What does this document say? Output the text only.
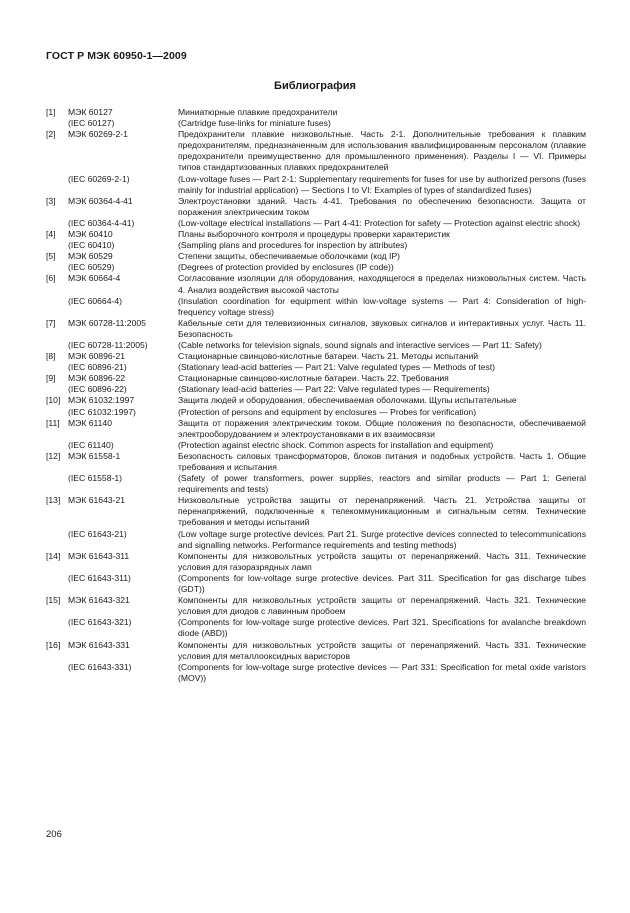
ГОСТ Р МЭК 60950-1—2009
Библиография
[1]	МЭК 60127	Миниатюрные плавкие предохранители
(IEC 60127)	(Cartridge fuse-links for miniature fuses)
[2]	МЭК 60269-2-1	Предохранители плавкие низковольтные. Часть 2-1. Дополнительные требования к плавким предохранителям, предназначенным для использования квалифицированным персоналом (плавкие предохранители преимущественно для промышленного применения). Разделы I — VI. Примеры типов стандартизованных плавких предохранителей
(IEC 60269-2-1)	(Low-voltage fuses — Part 2-1: Supplementary requirements for fuses for use by authorized persons (fuses mainly for industrial application) — Sections I to VI: Examples of types of standardized fuses)
[3]	МЭК 60364-4-41	Электроустановки зданий. Часть 4-41. Требования по обеспечению безопасности. Защита от поражения электрическим током
(IEC 60364-4-41)	(Low-voltage electrical installations — Part 4-41: Protection for safety — Protection against electric shock)
[4]	МЭК 60410	Планы выборочного контроля и процедуры проверки характеристик
(IEC 60410)	(Sampling plans and procedures for inspection by attributes)
[5]	МЭК 60529	Степени защиты, обеспечиваемые оболочками (код IP)
(IEC 60529)	(Degrees of protection provided by enclosures (IP code))
[6]	МЭК 60664-4	Согласование изоляции для оборудования, находящегося в пределах низковольтных систем. Часть 4. Анализ воздействия высокой частоты
(IEC 60664-4)	(Insulation coordination for equipment within low-voltage systems — Part 4: Consideration of high-frequency voltage stress)
[7]	МЭК 60728-11:2005	Кабельные сети для телевизионных сигналов, звуковых сигналов и интерактивных услуг. Часть 11. Безопасность
(IEC 60728-11:2005)	(Cable networks for television signals, sound signals and interactive services — Part 11: Safety)
[8]	МЭК 60896-21	Стационарные свинцово-кислотные батареи. Часть 21. Методы испытаний
(IEC 60896-21)	(Stationary lead-acid batteries — Part 21: Valve regulated types — Methods of test)
[9]	МЭК 60896-22	Стационарные свинцово-кислотные батареи. Часть 22. Требования
(IEC 60896-22)	(Stationary lead-acid batteries — Part 22: Valve regulated types — Requirements)
[10] МЭК 61032:1997	Защита людей и оборудования, обеспечиваемая оболочками. Щупы испытательные
(IEC 61032:1997)	(Protection of persons and equipment by enclosures — Probes for verification)
[11] МЭК 61140	Защита от поражения электрическим током. Общие положения по безопасности, обеспечиваемой электрооборудованием и электроустановками в их взаимосвязи
(IEC 61140)	(Protection against electric shock. Common aspects for installation and equipment)
[12] МЭК 61558-1	Безопасность силовых трансформаторов, блоков питания и подобных устройств. Часть 1. Общие требования и испытания
(IEC 61558-1)	(Safety of power transformers, power supplies, reactors and similar products — Part 1: General requirements and tests)
[13] МЭК 61643-21	Низковольтные устройства защиты от перенапряжений. Часть 21. Устройства защиты от перенапряжений, подключенные к телекоммуникационным и сигнальным сетям. Технические требования и методы испытаний
(IEC 61643-21)	(Low voltage surge protective devices. Part 21. Surge protective devices connected to telecommunications and signalling networks. Performance requirements and testing methods)
[14] МЭК 61643-311	Компоненты для низковольтных устройств защиты от перенапряжений. Часть 311. Технические условия для газоразрядных ламп
(IEC 61643-311)	(Components for low-voltage surge protective devices. Part 311. Specification for gas discharge tubes (GDT))
[15] МЭК 61643-321	Компоненты для низковольтных устройств защиты от перенапряжений. Часть 321. Технические условия для диодов с лавинным пробоем
(IEC 61643-321)	(Components for low-voltage surge protective devices. Part 321. Specifications for avalanche breakdown diode (ABD))
[16] МЭК 61643-331	Компоненты для низковольтных устройств защиты от перенапряжений. Часть 331. Технические условия для металлооксидных варисторов
(IEC 61643-331)	(Components for low-voltage surge protective devices — Part 331: Specification for metal oxide varistors (MOV))
206
